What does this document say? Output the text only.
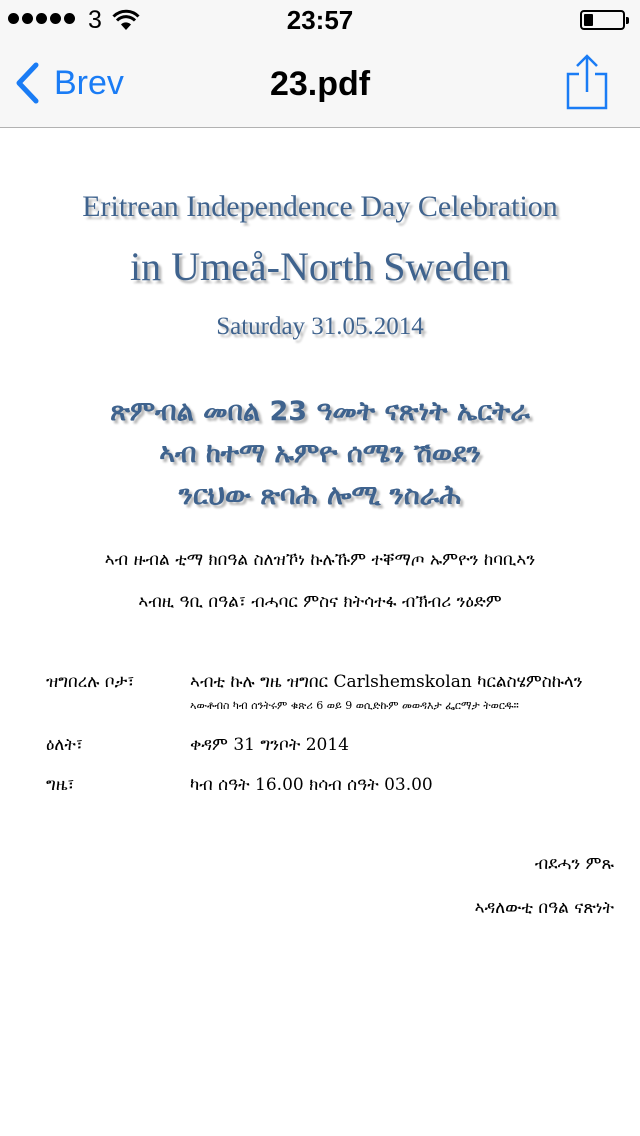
3	23:57
Brev	23.pdf
Eritrean Independence Day Celebration
in Umeå-North Sweden
Saturday 31.05.2014
ጽምብል መበል 23 ዓመት ናጽነት ኤርትራ
ኣብ ከተማ ኡምዮ ሰሜን ሽወደን
ንርህው ጽባሕ ሎሚ ንስራሕ
ኣብ ዙብል ቲማ ክበዓል ስለዝኾነ ኩሉኹም ተቐማጦ ኡምዮን ከባቢኣን
ኣብዚ ዓቢ በዓል፣ ብሓባር ምስና ክትሳተፋ ብኽብሪ ንዕድም
ዝግበረሉ ቦታ፣	ኣብቲ ኩሉ ግዜ ዝግበር Carlshemskolan ካርልስሄምስኩላን
ኣውቶብስ ካብ ሰንትሩም ቁጽሪ 6 ወይ 9 ወሲድኩም መወዳእታ ፌርማታ ትወርዱ።
ዕለት፣	ቀዳም 31 ግንቦት 2014
ግዜ፣	ካብ ሰዓት 16.00 ክሳብ ሰዓት 03.00
ብደሓን ምጹ
ኣዳለውቲ በዓል ናጽነት
